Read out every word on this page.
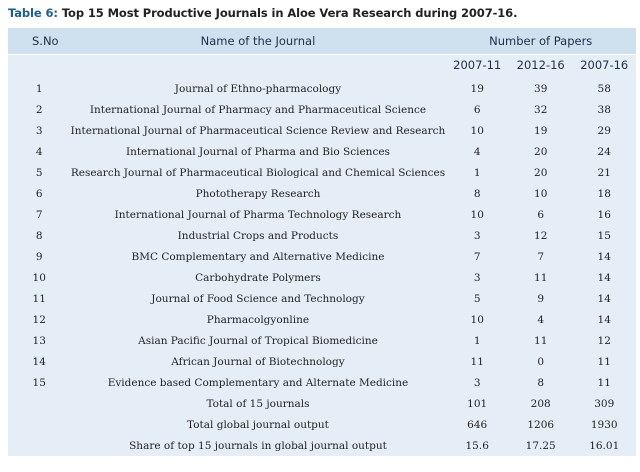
Table 6: Top 15 Most Productive Journals in Aloe Vera Research during 2007-16.
S.No	Name of the Journal	Number of Papers		
		2007-11	2012-16	2007-16
1	Journal of Ethno-pharmacology	19	39	58
2	International Journal of Pharmacy and Pharmaceutical Science	6	32	38
3	International Journal of Pharmaceutical Science Review and Research	10	19	29
4	International Journal of Pharma and Bio Sciences	4	20	24
5	Research Journal of Pharmaceutical Biological and Chemical Sciences	1	20	21
6	Phototherapy Research	8	10	18
7	International Journal of Pharma Technology Research	10	6	16
8	Industrial Crops and Products	3	12	15
9	BMC Complementary and Alternative Medicine	7	7	14
10	Carbohydrate Polymers	3	11	14
11	Journal of Food Science and Technology	5	9	14
12	Pharmacolgyonline	10	4	14
13	Asian Pacific Journal of Tropical Biomedicine	1	11	12
14	African Journal of Biotechnology	11	0	11
15	Evidence based Complementary and Alternate Medicine	3	8	11
	Total of 15 journals	101	208	309
	Total global journal output	646	1206	1930
	Share of top 15 journals in global journal output	15.6	17.25	16.01
